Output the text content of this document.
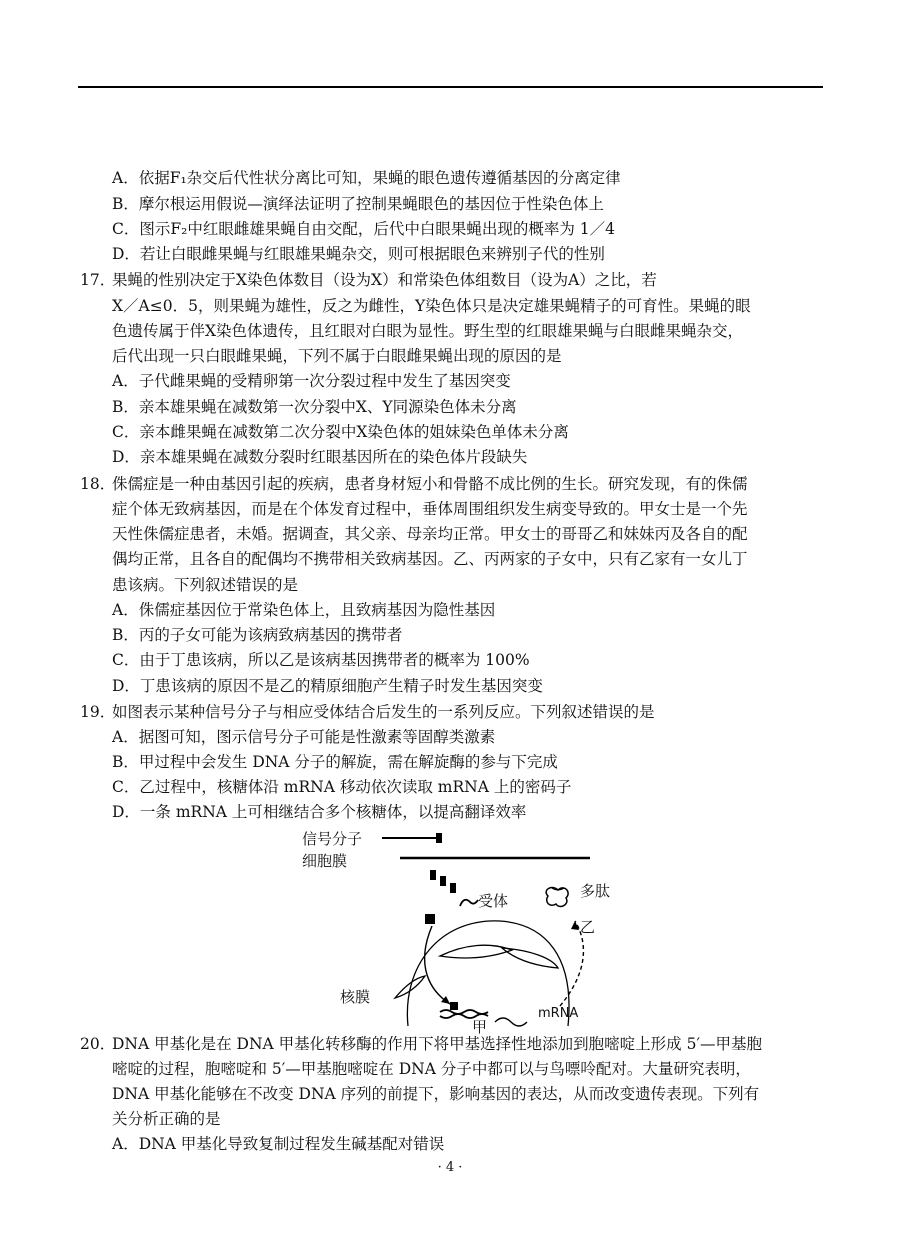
A．依据F₁杂交后代性状分离比可知，果蝇的眼色遗传遵循基因的分离定律
B．摩尔根运用假说—演绎法证明了控制果蝇眼色的基因位于性染色体上
C．图示F₂中红眼雌雄果蝇自由交配，后代中白眼果蝇出现的概率为 1／4
D．若让白眼雌果蝇与红眼雄果蝇杂交，则可根据眼色来辨别子代的性别
17．
果蝇的性别决定于X染色体数目（设为X）和常染色体组数目（设为A）之比，若
X／A≤0．5，则果蝇为雄性，反之为雌性，Y染色体只是决定雄果蝇精子的可育性。果蝇的眼
色遗传属于伴X染色体遗传，且红眼对白眼为显性。野生型的红眼雄果蝇与白眼雌果蝇杂交，
后代出现一只白眼雌果蝇，下列不属于白眼雌果蝇出现的原因的是
A．子代雌果蝇的受精卵第一次分裂过程中发生了基因突变
B．亲本雄果蝇在减数第一次分裂中X、Y同源染色体未分离
C．亲本雌果蝇在减数第二次分裂中X染色体的姐妹染色单体未分离
D．亲本雄果蝇在减数分裂时红眼基因所在的染色体片段缺失
18．
侏儒症是一种由基因引起的疾病，患者身材短小和骨骼不成比例的生长。研究发现，有的侏儒
症个体无致病基因，而是在个体发育过程中，垂体周围组织发生病变导致的。甲女士是一个先
天性侏儒症患者，未婚。据调查，其父亲、母亲均正常。甲女士的哥哥乙和妹妹丙及各自的配
偶均正常，且各自的配偶均不携带相关致病基因。乙、丙两家的子女中，只有乙家有一女儿丁
患该病。下列叙述错误的是
A．侏儒症基因位于常染色体上，且致病基因为隐性基因
B．丙的子女可能为该病致病基因的携带者
C．由于丁患该病，所以乙是该病基因携带者的概率为 100%
D．丁患该病的原因不是乙的精原细胞产生精子时发生基因突变
19．
如图表示某种信号分子与相应受体结合后发生的一系列反应。下列叙述错误的是
A．据图可知，图示信号分子可能是性激素等固醇类激素
B．甲过程中会发生 DNA 分子的解旋，需在解旋酶的参与下完成
C．乙过程中，核糖体沿 mRNA 移动依次读取 mRNA 上的密码子
D．一条 mRNA 上可相继结合多个核糖体，以提高翻译效率
信号分子
细胞膜
受体
多肽
乙
核膜
mRNA
甲
20．
DNA 甲基化是在 DNA 甲基化转移酶的作用下将甲基选择性地添加到胞嘧啶上形成 5′—甲基胞
嘧啶的过程，胞嘧啶和 5′—甲基胞嘧啶在 DNA 分子中都可以与鸟嘌呤配对。大量研究表明，
DNA 甲基化能够在不改变 DNA 序列的前提下，影响基因的表达，从而改变遗传表现。下列有
关分析正确的是
A．DNA 甲基化导致复制过程发生碱基配对错误
· 4 ·
